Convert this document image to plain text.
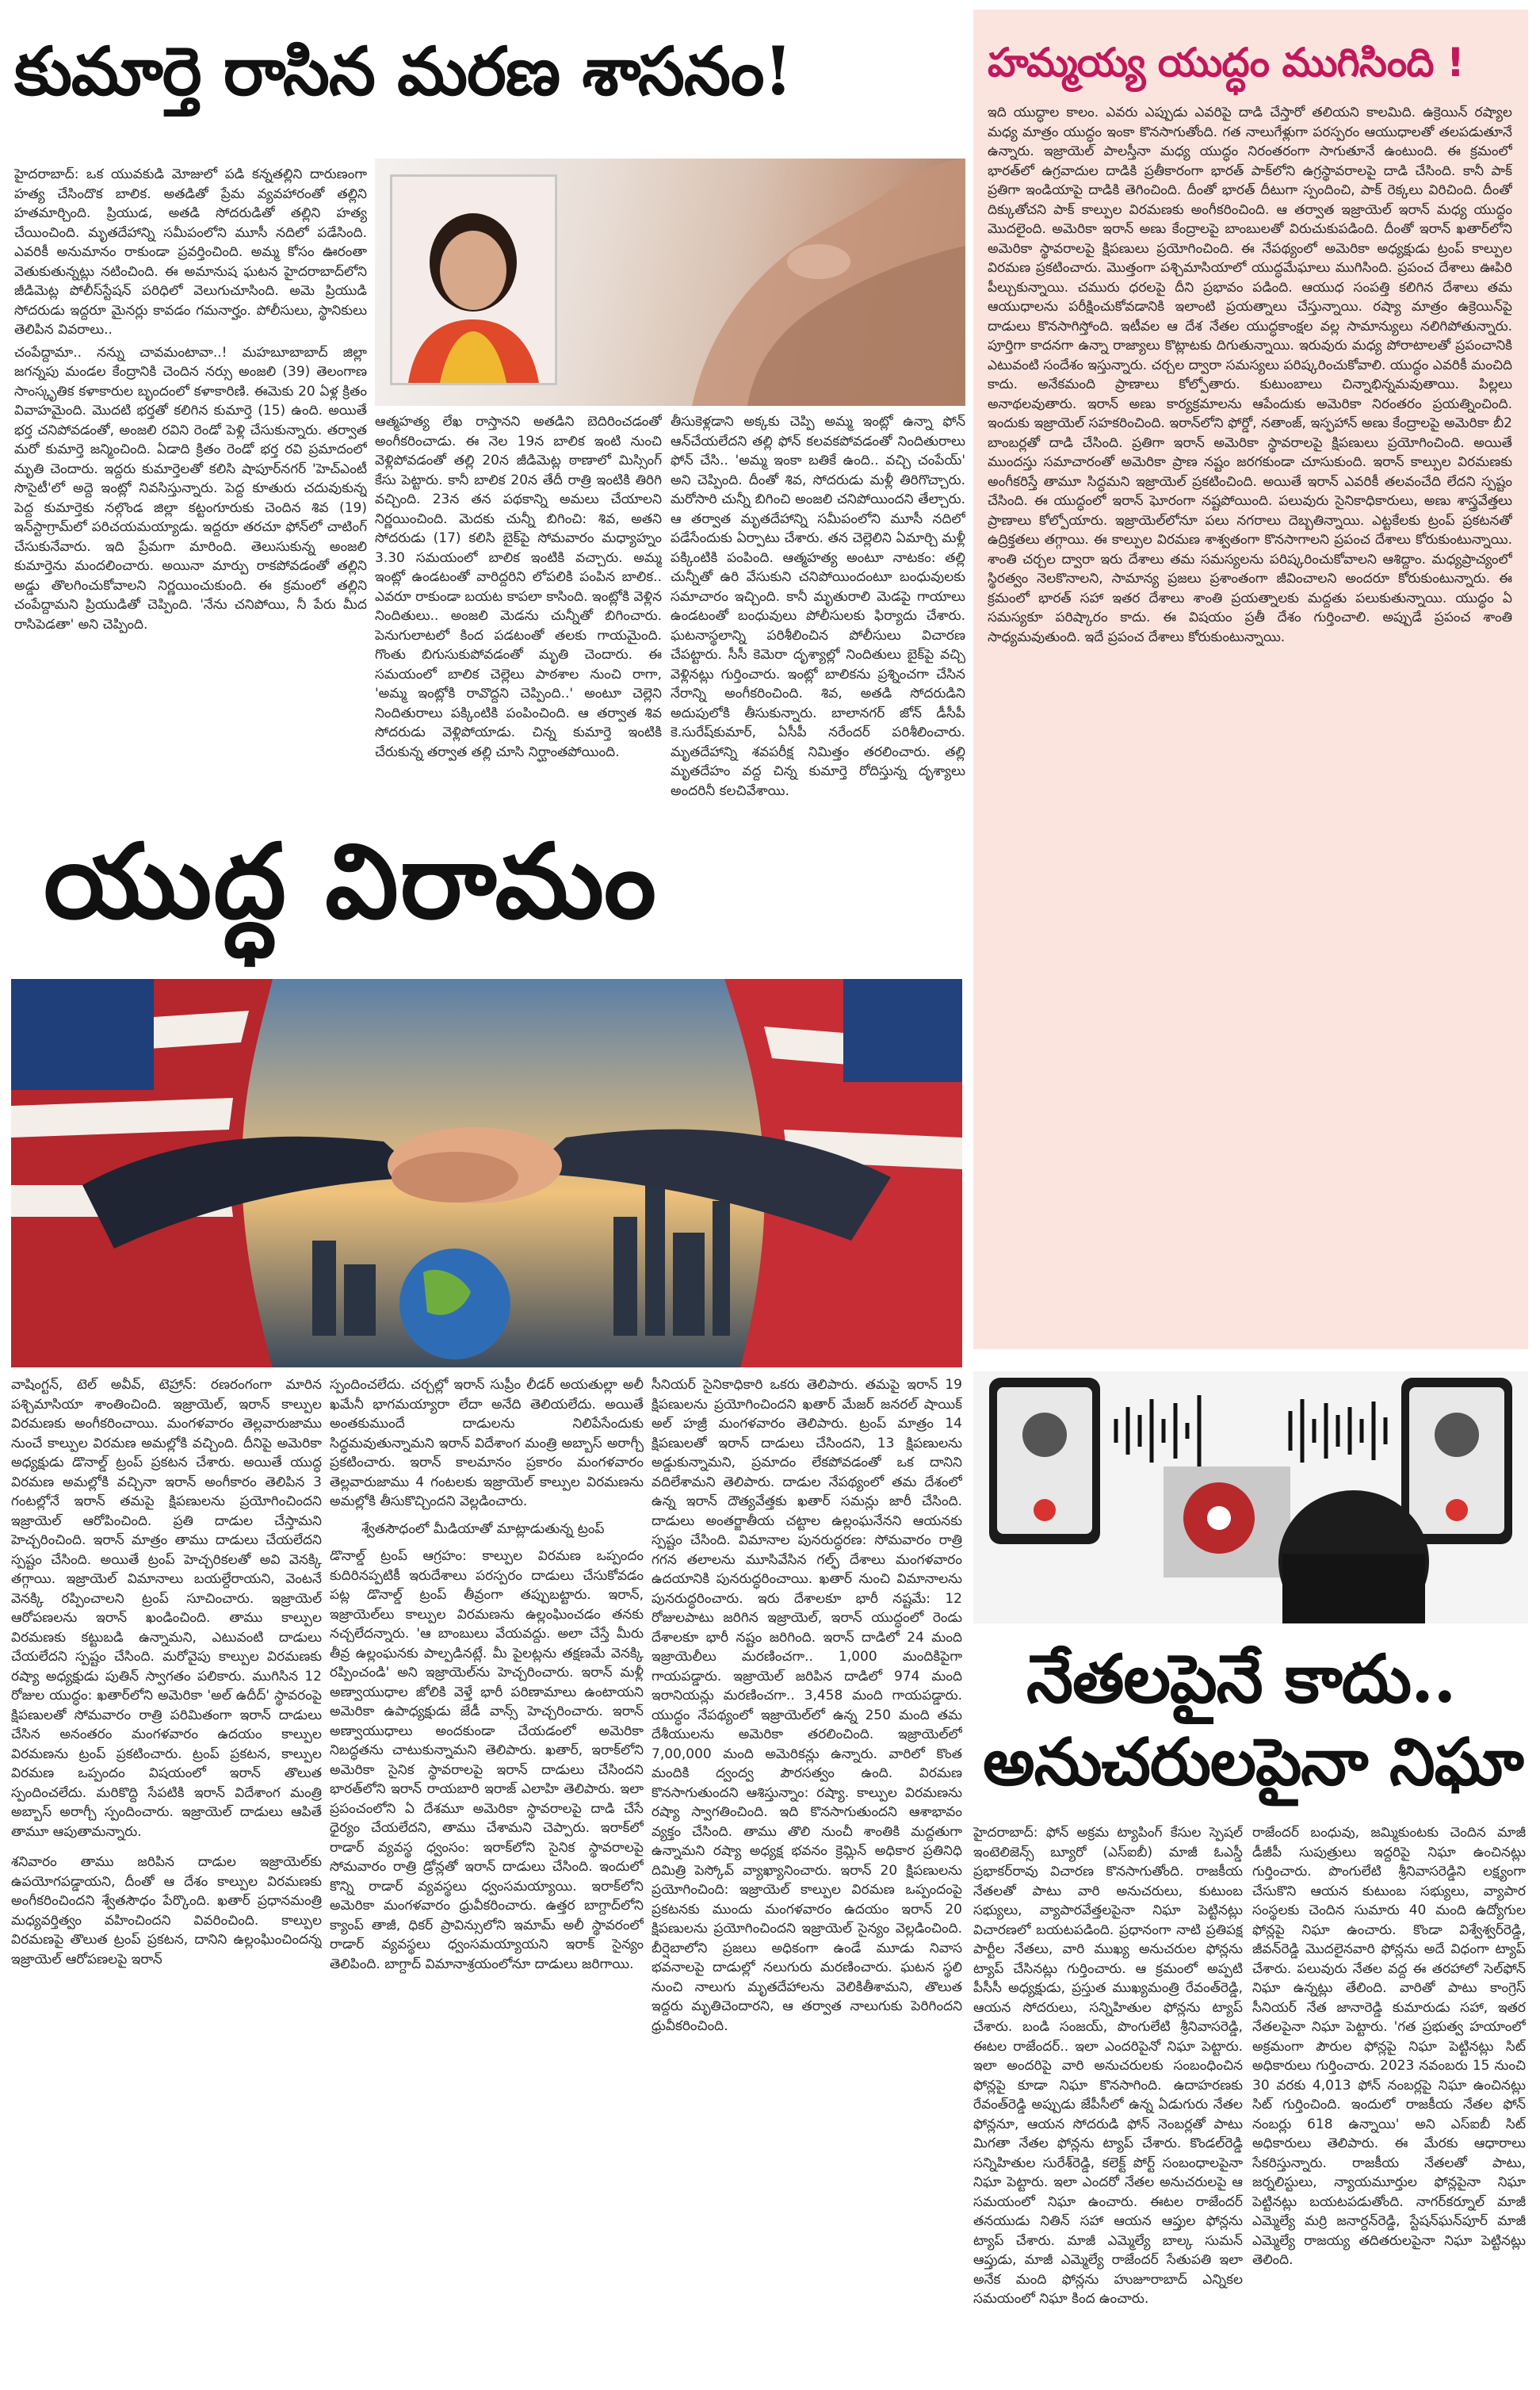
కుమార్తె రాసిన మరణ శాసనం!

హైదరాబాద్‌: ఒక యువకుడి మోజులో పడి కన్నతల్లిని దారుణంగా హత్య చేసిందొక బాలిక. అతడితో ప్రేమ వ్యవహారంతో తల్లిని హతమార్చింది. ప్రియుడ, అతడి సోదరుడితో తల్లిని హత్య చేయించింది. మృతదేహాన్ని సమీపంలోని మూసీ నదిలో పడేసింది. ఎవరికీ అనుమానం రాకుండా ప్రవర్తించింది. అమ్మ కోసం ఊరంతా వెతుకుతున్నట్లు నటించింది. ఈ అమానుష ఘటన హైదరాబాద్‌లోని జీడిమెట్ల పోలీస్‌స్టేషన్ పరిధిలో వెలుగుచూసింది. అమె ప్రియుడి సోదరుడు ఇద్దరూ మైనర్లు కావడం గమనార్హం. పోలీసులు, స్థానికులు తెలిపిన వివరాలు..

చంపేద్దామా.. నన్ను చావమంటావా..! మహబూబాబాద్ జిల్లా జగన్నపు మండల కేంద్రానికి చెందిన నర్సు అంజలి (39) తెలంగాణ సాంస్కృతిక కళాకారుల బృందంలో కళాకారిణి. ఈమెకు 20 ఏళ్ల క్రితం వివాహమైంది. మొదటి భర్తతో కలిగిన కుమార్తె (15) ఉంది. అయితే భర్త చనిపోవడంతో, అంజలి రవిని రెండో పెళ్లి చేసుకున్నారు. తర్వాత మరో కుమార్తె జన్మించింది. ఏడాది క్రితం రెండో భర్త రవి ప్రమాదంలో మృతి చెందారు. ఇద్దరు కుమార్తెలతో కలిసి షాపూర్‌నగర్ 'హెచ్ఎంటీ సొసైటీ'లో అద్దె ఇంట్లో నివసిస్తున్నారు. పెద్ద కూతురు చదువుకున్న పెద్ద కుమార్తెకు నల్గొండ జిల్లా కట్టంగూరుకు చెందిన శివ (19) ఇన్‌స్టాగ్రామ్‌లో పరిచయమయ్యాడు. ఇద్దరూ తరచూ ఫోన్‌లో చాటింగ్ చేసుకునేవారు. ఇది ప్రేమగా మారింది. తెలుసుకున్న అంజలి కుమార్తెను మందలించారు. అయినా మార్పు రాకపోవడంతో తల్లిని అడ్డు తొలగించుకోవాలని నిర్ణయించుకుంది. ఈ క్రమంలో తల్లిని చంపేద్దామని ప్రియుడితో చెప్పింది. 'నేను చనిపోయి, నీ పేరు మీద రాసిపెడతా' అని చెప్పింది.

ఆత్మహత్య లేఖ రాస్తానని అతడిని బెదిరించడంతో అంగీకరించాడు. ఈ నెల 19న బాలిక ఇంటి నుంచి వెళ్లిపోవడంతో తల్లి 20న జీడిమెట్ల ఠాణాలో మిస్సింగ్ కేసు పెట్టారు. కానీ బాలిక 20న తేదీ రాత్రి ఇంటికి తిరిగి వచ్చింది. 23న తన పథకాన్ని అమలు చేయాలని నిర్ణయించింది. మెదకు చున్నీ బిగించి: శివ, అతని సోదరుడు (17) కలిసి బైక్‌పై సోమవారం మధ్యాహ్నం 3.30 సమయంలో బాలిక ఇంటికి వచ్చారు. అమ్మ ఇంట్లో ఉండటంతో వారిద్దరిని లోపలికి పంపిన బాలిక.. ఎవరూ రాకుండా బయట కాపలా కాసింది. ఇంట్లోకి వెళ్లిన నిందితులు.. అంజలి మెడను చున్నీతో బిగించారు. పెనుగులాటలో కింద పడటంతో తలకు గాయమైంది. గొంతు బిగుసుకుపోవడంతో మృతి చెందారు. ఈ సమయంలో బాలిక చెల్లెలు పాఠశాల నుంచి రాగా, 'అమ్మ ఇంట్లోకి రావొద్దని చెప్పింది..' అంటూ చెల్లెని నిందితురాలు పక్కింటికి పంపించింది. ఆ తర్వాత శివ సోదరుడు వెళ్లిపోయాడు. చిన్న కుమార్తె ఇంటికి చేరుకున్న తర్వాత తల్లి చూసి నిర్ఘాంతపోయింది.
తీసుకెళ్లడాని అక్కకు చెప్పి అమ్మ ఇంట్లో ఉన్నా ఫోన్ ఆన్‌చేయలేదని తల్లి ఫోన్ కలవకపోవడంతో నిందితురాలు ఫోన్ చేసి.. 'అమ్మ ఇంకా బతికే ఉంది.. వచ్చి చంపేయ్' అని చెప్పింది. దీంతో శివ, సోదరుడు మళ్లీ తిరిగొచ్చారు. మరోసారి చున్నీ బిగించి అంజలి చనిపోయిందని తేల్చారు. ఆ తర్వాత మృతదేహాన్ని సమీపంలోని మూసీ నదిలో పడేసేందుకు ఏర్పాటు చేశారు. తన చెల్లెలిని ఏమార్చి మళ్లీ పక్కింటికి పంపింది. ఆత్మహత్య అంటూ నాటకం: తల్లి చున్నీతో ఉరి వేసుకుని చనిపోయిందంటూ బంధువులకు సమాచారం ఇచ్చింది. కానీ మృతురాలి మెడపై గాయాలు ఉండటంతో బంధువులు పోలీసులకు ఫిర్యాదు చేశారు. ఘటనాస్థలాన్ని పరిశీలించిన పోలీసులు విచారణ చేపట్టారు. సీసీ కెమెరా దృశ్యాల్లో నిందితులు బైక్‌పై వచ్చి వెళ్లినట్లు గుర్తించారు. ఇంట్లో బాలికను ప్రశ్నించగా చేసిన నేరాన్ని అంగీకరించింది. శివ, అతడి సోదరుడిని అదుపులోకి తీసుకున్నారు. బాలానగర్ జోన్ డీసీపీ కె.సురేష్‌కుమార్, ఏసీపీ నరేందర్ పరిశీలించారు. మృతదేహాన్ని శవపరీక్ష నిమిత్తం తరలించారు. తల్లి మృతదేహం వద్ద చిన్న కుమార్తె రోదిస్తున్న దృశ్యాలు అందరినీ కలచివేశాయి.
హమ్మయ్య యుద్ధం ముగిసింది !
ఇది యుద్ధాల కాలం. ఎవరు ఎప్పుడు ఎవరిపై దాడి చేస్తారో తలియని కాలమిది. ఉక్రెయిన్ రష్యాల మధ్య మాత్రం యుద్ధం ఇంకా కొనసాగుతోంది. గత నాలుగేళ్లుగా పరస్పరం ఆయుధాలతో తలపడుతూనే ఉన్నారు. ఇజ్రాయెల్ పాలస్తీనా మధ్య యుద్ధం నిరంతరంగా సాగుతూనే ఉంటుంది. ఈ క్రమంలో భారత్‌లో ఉగ్రవాదుల దాడికి ప్రతీకారంగా భారత్ పాక్‌లోని ఉగ్రస్థావరాలపై దాడి చేసింది. కానీ పాక్ ప్రతిగా ఇండియాపై దాడికి తెగించింది. దీంతో భారత్ దీటుగా స్పందించి, పాక్ రెక్కలు విరిచింది. దీంతో దిక్కుతోచని పాక్ కాల్పుల విరమణకు అంగీకరించింది. ఆ తర్వాత ఇజ్రాయెల్ ఇరాన్ మధ్య యుద్ధం మొదలైంది. అమెరికా ఇరాన్ అణు కేంద్రాలపై బాంబులతో విరుచుకుపడింది. దీంతో ఇరాన్ ఖతార్‌లోని అమెరికా స్థావరాలపై క్షిపణులు ప్రయోగించింది. ఈ నేపథ్యంలో అమెరికా అధ్యక్షుడు ట్రంప్ కాల్పుల విరమణ ప్రకటించారు. మొత్తంగా పశ్చిమాసియాలో యుద్ధమేఘాలు ముగిసింది. ప్రపంచ దేశాలు ఊపిరి పీల్చుకున్నాయి. చమురు ధరలపై దీని ప్రభావం పడింది. ఆయుధ సంపత్తి కలిగిన దేశాలు తమ ఆయుధాలను పరీక్షించుకోవడానికి ఇలాంటి ప్రయత్నాలు చేస్తున్నాయి. రష్యా మాత్రం ఉక్రెయిన్‌పై దాడులు కొనసాగిస్తోంది. ఇటీవల ఆ దేశ నేతల యుద్ధకాంక్షల వల్ల సామాన్యులు నలిగిపోతున్నారు. పూర్తిగా కాదనగా ఉన్నా రాజ్యాలు కొట్లాటకు దిగుతున్నాయి. ఇరువురు మధ్య పోరాటాలతో ప్రపంచానికి ఎటువంటి సందేశం ఇస్తున్నారు. చర్చల ద్వారా సమస్యలు పరిష్కరించుకోవాలి. యుద్ధం ఎవరికీ మంచిది కాదు. అనేకమంది ప్రాణాలు కోల్పోతారు. కుటుంబాలు చిన్నాభిన్నమవుతాయి. పిల్లలు అనాథలవుతారు. ఇరాన్ అణు కార్యక్రమాలను ఆపేందుకు అమెరికా నిరంతరం ప్రయత్నించింది. ఇందుకు ఇజ్రాయెల్ సహకరించింది. ఇరాన్‌లోని ఫోర్డో, నతాంజ్, ఇస్ఫహాన్ అణు కేంద్రాలపై అమెరికా బీ2 బాంబర్లతో దాడి చేసింది. ప్రతిగా ఇరాన్ అమెరికా స్థావరాలపై క్షిపణులు ప్రయోగించింది. అయితే ముందస్తు సమాచారంతో అమెరికా ప్రాణ నష్టం జరగకుండా చూసుకుంది. ఇరాన్ కాల్పుల విరమణకు అంగీకరిస్తే తామూ సిద్ధమని ఇజ్రాయెల్ ప్రకటించింది. అయితే ఇరాన్ ఎవరికీ తలవంచేది లేదని స్పష్టం చేసింది. ఈ యుద్ధంలో ఇరాన్ ఘోరంగా నష్టపోయింది. పలువురు సైనికాధికారులు, అణు శాస్త్రవేత్తలు ప్రాణాలు కోల్పోయారు. ఇజ్రాయెల్‌లోనూ పలు నగరాలు దెబ్బతిన్నాయి. ఎట్టకేలకు ట్రంప్ ప్రకటనతో ఉద్రిక్తతలు తగ్గాయి. ఈ కాల్పుల విరమణ శాశ్వతంగా కొనసాగాలని ప్రపంచ దేశాలు కోరుకుంటున్నాయి. శాంతి చర్చల ద్వారా ఇరు దేశాలు తమ సమస్యలను పరిష్కరించుకోవాలని ఆశిద్దాం. మధ్యప్రాచ్యంలో స్థిరత్వం నెలకొనాలని, సామాన్య ప్రజలు ప్రశాంతంగా జీవించాలని అందరూ కోరుకుంటున్నారు. ఈ క్రమంలో భారత్ సహా ఇతర దేశాలు శాంతి ప్రయత్నాలకు మద్దతు పలుకుతున్నాయి. యుద్ధం ఏ సమస్యకూ పరిష్కారం కాదు. ఈ విషయం ప్రతీ దేశం గుర్తించాలి. అప్పుడే ప్రపంచ శాంతి సాధ్యమవుతుంది. ఇదే ప్రపంచ దేశాలు కోరుకుంటున్నాయి.
యుద్ధ విరామం

వాషింగ్టన్, టెల్ అవీవ్, టెహ్రాన్: రణరంగంగా మారిన పశ్చిమాసియా శాంతించింది. ఇజ్రాయెల్, ఇరాన్ కాల్పుల విరమణకు అంగీకరించాయి. మంగళవారం తెల్లవారుజాము నుంచే కాల్పుల విరమణ అమల్లోకి వచ్చింది. దీనిపై అమెరికా అధ్యక్షుడు డొనాల్డ్ ట్రంప్ ప్రకటన చేశారు. అయితే యుద్ధ విరమణ అమల్లోకి వచ్చినా ఇరాన్ అంగీకారం తెలిపిన 3 గంటల్లోనే ఇరాన్ తమపై క్షిపణులను ప్రయోగించిందని ఇజ్రాయెల్ ఆరోపించింది. ప్రతి దాడుల చేస్తామని హెచ్చరించింది. ఇరాన్ మాత్రం తాము దాడులు చేయలేదని స్పష్టం చేసింది. అయితే ట్రంప్ హెచ్చరికలతో అవి వెనక్కి తగ్గాయి. ఇజ్రాయెల్ విమానాలు బయల్దేరాయని, వెంటనే వెనక్కి రప్పించాలని ట్రంప్ సూచించారు. ఇజ్రాయెల్ ఆరోపణలను ఇరాన్ ఖండించింది. తాము కాల్పుల విరమణకు కట్టుబడి ఉన్నామని, ఎటువంటి దాడులు చేయలేదని స్పష్టం చేసింది. మరోవైపు కాల్పుల విరమణకు రష్యా అధ్యక్షుడు పుతిన్ స్వాగతం పలికారు. ముగిసిన 12 రోజుల యుద్ధం: ఖతార్‌లోని అమెరికా 'అల్ ఉదీద్' స్థావరంపై క్షిపణులతో సోమవారం రాత్రి పరిమితంగా ఇరాన్ దాడులు చేసిన అనంతరం మంగళవారం ఉదయం కాల్పుల విరమణను ట్రంప్ ప్రకటించారు. ట్రంప్ ప్రకటన, కాల్పుల విరమణ ఒప్పందం విషయంలో ఇరాన్ తొలుత స్పందించలేదు. మరికొద్ది సేపటికి ఇరాన్ విదేశాంగ మంత్రి అబ్బాస్ అరాగ్చీ స్పందించారు. ఇజ్రాయెల్ దాడులు ఆపితే తామూ ఆపుతామన్నారు.

శనివారం తాము జరిపిన దాడుల ఇజ్రాయెల్‌కు ఉపయోగపడ్డాయని, దీంతో ఆ దేశం కాల్పుల విరమణకు అంగీకరించిందని శ్వేతసౌధం పేర్కొంది. ఖతార్ ప్రధానమంత్రి మధ్యవర్తిత్వం వహించిందని వివరించింది. కాల్పుల విరమణపై తొలుత ట్రంప్ ప్రకటన, దానిని ఉల్లంఘించిందన్న ఇజ్రాయెల్ ఆరోపణలపై ఇరాన్

స్పందించలేదు. చర్చల్లో ఇరాన్ సుప్రీం లీడర్ అయతుల్లా అలీ ఖమేనీ భాగమయ్యారా లేదా అనేది తెలియలేదు. అయితే అంతకుముందే దాడులను నిలిపేసేందుకు సిద్ధమవుతున్నామని ఇరాన్ విదేశాంగ మంత్రి అబ్బాస్ అరాగ్చీ ప్రకటించారు. ఇరాన్ కాలమానం ప్రకారం మంగళవారం తెల్లవారుజాము 4 గంటలకు ఇజ్రాయెల్ కాల్పుల విరమణను అమల్లోకి తీసుకొచ్చిందని వెల్లడించారు.

శ్వేతసౌధంలో మీడియాతో మాట్లాడుతున్న ట్రంప్

డొనాల్డ్ ట్రంప్ ఆగ్రహం: కాల్పుల విరమణ ఒప్పందం కుదిరినప్పటికీ ఇరుదేశాలు పరస్పరం దాడులు చేసుకోవడం పట్ల డొనాల్డ్ ట్రంప్ తీవ్రంగా తప్పుబట్టారు. ఇరాన్, ఇజ్రాయెల్‌లు కాల్పుల విరమణను ఉల్లంఘించడం తనకు నచ్చలేదన్నారు. 'ఆ బాంబులు వేయవద్దు. అలా చేస్తే మీరు తీవ్ర ఉల్లంఘనకు పాల్పడినట్లే. మీ పైలట్లను తక్షణమే వెనక్కి రప్పించండి' అని ఇజ్రాయెల్‌ను హెచ్చరించారు. ఇరాన్ మళ్లీ అణ్వాయుధాల జోలికి వెళ్తే భారీ పరిణామాలు ఉంటాయని అమెరికా ఉపాధ్యక్షుడు జేడీ వాన్స్ హెచ్చరించారు. ఇరాన్ అణ్వాయుధాలు అందకుండా చేయడంలో అమెరికా నిబద్ధతను చాటుకున్నామని తెలిపారు. ఖతార్, ఇరాక్‌లోని అమెరికా సైనిక స్థావరాలపై ఇరాన్ దాడులు చేసిందని భారత్‌లోని ఇరాన్ రాయబారి ఇరాజ్ ఎలాహి తెలిపారు. ఇలా ప్రపంచంలోని ఏ దేశమూ అమెరికా స్థావరాలపై దాడి చేసే ధైర్యం చేయలేదని, తాము చేశామని చెప్పారు. ఇరాక్‌లో రాడార్ వ్యవస్థ ధ్వంసం: ఇరాక్‌లోని సైనిక స్థావరాలపై సోమవారం రాత్రి డ్రోన్లతో ఇరాన్ దాడులు చేసింది. ఇందులో కొన్ని రాడార్ వ్యవస్థలు ధ్వంసమయ్యాయి. ఇరాక్‌లోని అమెరికా మంగళవారం ధ్రువీకరించారు. ఉత్తర బాగ్దాద్‌లోని క్యాంప్ తాజీ, ధికర్ ప్రావిన్సులోని ఇమామ్ అలీ స్థావరంలో రాడార్ వ్యవస్థలు ధ్వంసమయ్యాయని ఇరాక్ సైన్యం తెలిపింది. బాగ్దాద్ విమానాశ్రయంలోనూ దాడులు జరిగాయి.

సీనియర్ సైనికాధికారి ఒకరు తెలిపారు. తమపై ఇరాన్ 19 క్షిపణులను ప్రయోగించిందని ఖతార్ మేజర్ జనరల్ షాయిక్ అల్ హజ్రీ మంగళవారం తెలిపారు. ట్రంప్ మాత్రం 14 క్షిపణులతో ఇరాన్ దాడులు చేసిందని, 13 క్షిపణులను అడ్డుకున్నామని, ప్రమాదం లేకపోవడంతో ఒక దానిని వదిలేశామని తెలిపారు. దాడుల నేపథ్యంలో తమ దేశంలో ఉన్న ఇరాన్ దౌత్యవేత్తకు ఖతార్ సమన్లు జారీ చేసింది. దాడులు అంతర్జాతీయ చట్టాల ఉల్లంఘనేనని ఆయనకు స్పష్టం చేసింది. విమానాల పునరుద్ధరణ: సోమవారం రాత్రి గగన తలాలను మూసివేసిన గల్ఫ్ దేశాలు మంగళవారం ఉదయానికి పునరుద్ధరించాయి. ఖతార్ నుంచి విమానాలను పునరుద్ధరించారు. ఇరు దేశాలకూ భారీ నష్టమే: 12 రోజులపాటు జరిగిన ఇజ్రాయెల్, ఇరాన్ యుద్ధంలో రెండు దేశాలకూ భారీ నష్టం జరిగింది. ఇరాన్ దాడిలో 24 మంది ఇజ్రాయెలీలు మరణించగా.. 1,000 మందికిపైగా గాయపడ్డారు. ఇజ్రాయెల్ జరిపిన దాడిలో 974 మంది ఇరానియన్లు మరణించగా.. 3,458 మంది గాయపడ్డారు. యుద్ధం నేపథ్యంలో ఇజ్రాయెల్‌లో ఉన్న 250 మంది తమ దేశీయులను అమెరికా తరలించింది. ఇజ్రాయెల్‌లో 7,00,000 మంది అమెరికన్లు ఉన్నారు. వారిలో కొంత మందికి ద్వంద్వ పౌరసత్వం ఉంది. విరమణ కొనసాగుతుందని ఆశిస్తున్నాం: రష్యా. కాల్పుల విరమణను రష్యా స్వాగతించింది. ఇది కొనసాగుతుందని ఆశాభావం వ్యక్తం చేసింది. తాము తొలి నుంచీ శాంతికి మద్దతుగా ఉన్నామని రష్యా అధ్యక్ష భవనం క్రెమ్లిన్ అధికార ప్రతినిధి దిమిత్రి పెస్కోవ్ వ్యాఖ్యానించారు. ఇరాన్ 20 క్షిపణులను ప్రయోగించింది: ఇజ్రాయెల్ కాల్పుల విరమణ ఒప్పందంపై ప్రకటనకు ముందు మంగళవారం ఉదయం ఇరాన్ 20 క్షిపణులను ప్రయోగించిందని ఇజ్రాయెల్ సైన్యం వెల్లడించింది. బీర్షెబాలోని ప్రజలు అధికంగా ఉండే మూడు నివాస భవనాలపై దాడుల్లో నలుగురు మరణించారు. ఘటన స్థలి నుంచి నాలుగు మృతదేహాలను వెలికితీశామని, తొలుత ఇద్దరు మృతిచెందారని, ఆ తర్వాత నాలుగుకు పెరిగిందని ధ్రువీకరించింది.
నేతలపైనే కాదు..
అనుచరులపైనా నిఘా
హైదరాబాద్: ఫోన్ అక్రమ ట్యాపింగ్ కేసుల స్పెషల్ ఇంటెలిజెన్స్ బ్యూరో (ఎస్ఐబీ) మాజీ ఓఎస్డీ ప్రభాకర్‌రావు విచారణ కొనసాగుతోంది. రాజకీయ నేతలతో పాటు వారి అనుచరులు, కుటుంబ సభ్యులు, వ్యాపారవేత్తలపైనా నిఘా పెట్టినట్లు విచారణలో బయటపడింది. ప్రధానంగా నాటి ప్రతిపక్ష పార్టీల నేతలు, వారి ముఖ్య అనుచరుల ఫోన్లను ట్యాప్ చేసినట్లు గుర్తించారు. ఆ క్రమంలో అప్పటి పీసీసీ అధ్యక్షుడు, ప్రస్తుత ముఖ్యమంత్రి రేవంత్‌రెడ్డి, ఆయన సోదరులు, సన్నిహితుల ఫోన్లను ట్యాప్ చేశారు. బండి సంజయ్, పొంగులేటి శ్రీనివాసరెడ్డి, ఈటల రాజేందర్.. ఇలా ఎందరిపైనో నిఘా పెట్టారు. ఇలా అందరిపై వారి అనుచరులకు సంబంధించిన ఫోన్లపై కూడా నిఘా కొనసాగింది. ఉదాహరణకు రేవంత్‌రెడ్డి అప్పుడు జేపీసీలో ఉన్న ఏడుగురు నేతల ఫోన్లనూ, ఆయన సోదరుడి ఫోన్ నెంబర్లతో పాటు మిగతా నేతల ఫోన్లను ట్యాప్ చేశారు. కొండల్‌రెడ్డి సన్నిహితుల సురేశ్‌రెడ్డి, కలెక్ట్ పోర్ట్ సంబంధాలపైనా నిఘా పెట్టారు. ఇలా ఎందరో నేతల అనుచరులపై ఆ సమయంలో నిఘా ఉంచారు. ఈటల రాజేందర్ తనయుడు నితిన్ సహా ఆయన ఆప్తుల ఫోన్లను ట్యాప్ చేశారు. మాజీ ఎమ్మెల్యే బాల్క సుమన్ ఆప్తుడు, మాజీ ఎమ్మెల్యే రాజేందర్‌ సేతుపతి ఇలా అనేక మంది ఫోన్లను హుజూరాబాద్ ఎన్నికల సమయంలో నిఘా కింద ఉంచారు.
రాజేందర్ బంధువు, జమ్మికుంటకు చెందిన మాజీ డీజీపీ సుపుత్రులు ఇద్దరిపై నిఘా ఉంచినట్లు గుర్తించారు. పొంగులేటి శ్రీనివాసరెడ్డిని లక్ష్యంగా చేసుకొని ఆయన కుటుంబ సభ్యులు, వ్యాపార సంస్థలకు చెందిన సుమారు 40 మంది ఉద్యోగుల ఫోన్లపై నిఘా ఉంచారు. కొండా విశ్వేశ్వర్‌రెడ్డి, జీవన్‌రెడ్డి మొదలైనవారి ఫోన్లను అదే విధంగా ట్యాప్ చేశారు. పలువురు నేతల వద్ద ఈ తరహాలో సెల్‌ఫోన్ నిఘా ఉన్నట్లు తేలింది. వారితో పాటు కాంగ్రెస్ సీనియర్ నేత జానారెడ్డి కుమారుడు సహా, ఇతర నేతలపైనా నిఘా పెట్టారు. 'గత ప్రభుత్వ హయాంలో అక్రమంగా పౌరుల ఫోన్లపై నిఘా పెట్టినట్లు సిట్ అధికారులు గుర్తించారు. 2023 నవంబరు 15 నుంచి 30 వరకు 4,013 ఫోన్ నంబర్లపై నిఘా ఉంచినట్లు సిట్ గుర్తించింది. ఇందులో రాజకీయ నేతల ఫోన్ నంబర్లు 618 ఉన్నాయి' అని ఎస్ఐబీ సిట్ అధికారులు తెలిపారు. ఈ మేరకు ఆధారాలు సేకరిస్తున్నారు. రాజకీయ నేతలతో పాటు, జర్నలిస్టులు, న్యాయమూర్తుల ఫోన్లపైనా నిఘా పెట్టినట్లు బయటపడుతోంది. నాగర్‌కర్నూల్ మాజీ ఎమ్మెల్యే మర్రి జనార్దన్‌రెడ్డి, స్టేషన్‌ఘన్‌పూర్ మాజీ ఎమ్మెల్యే రాజయ్య తదితరులపైనా నిఘా పెట్టినట్లు తెలింది.
